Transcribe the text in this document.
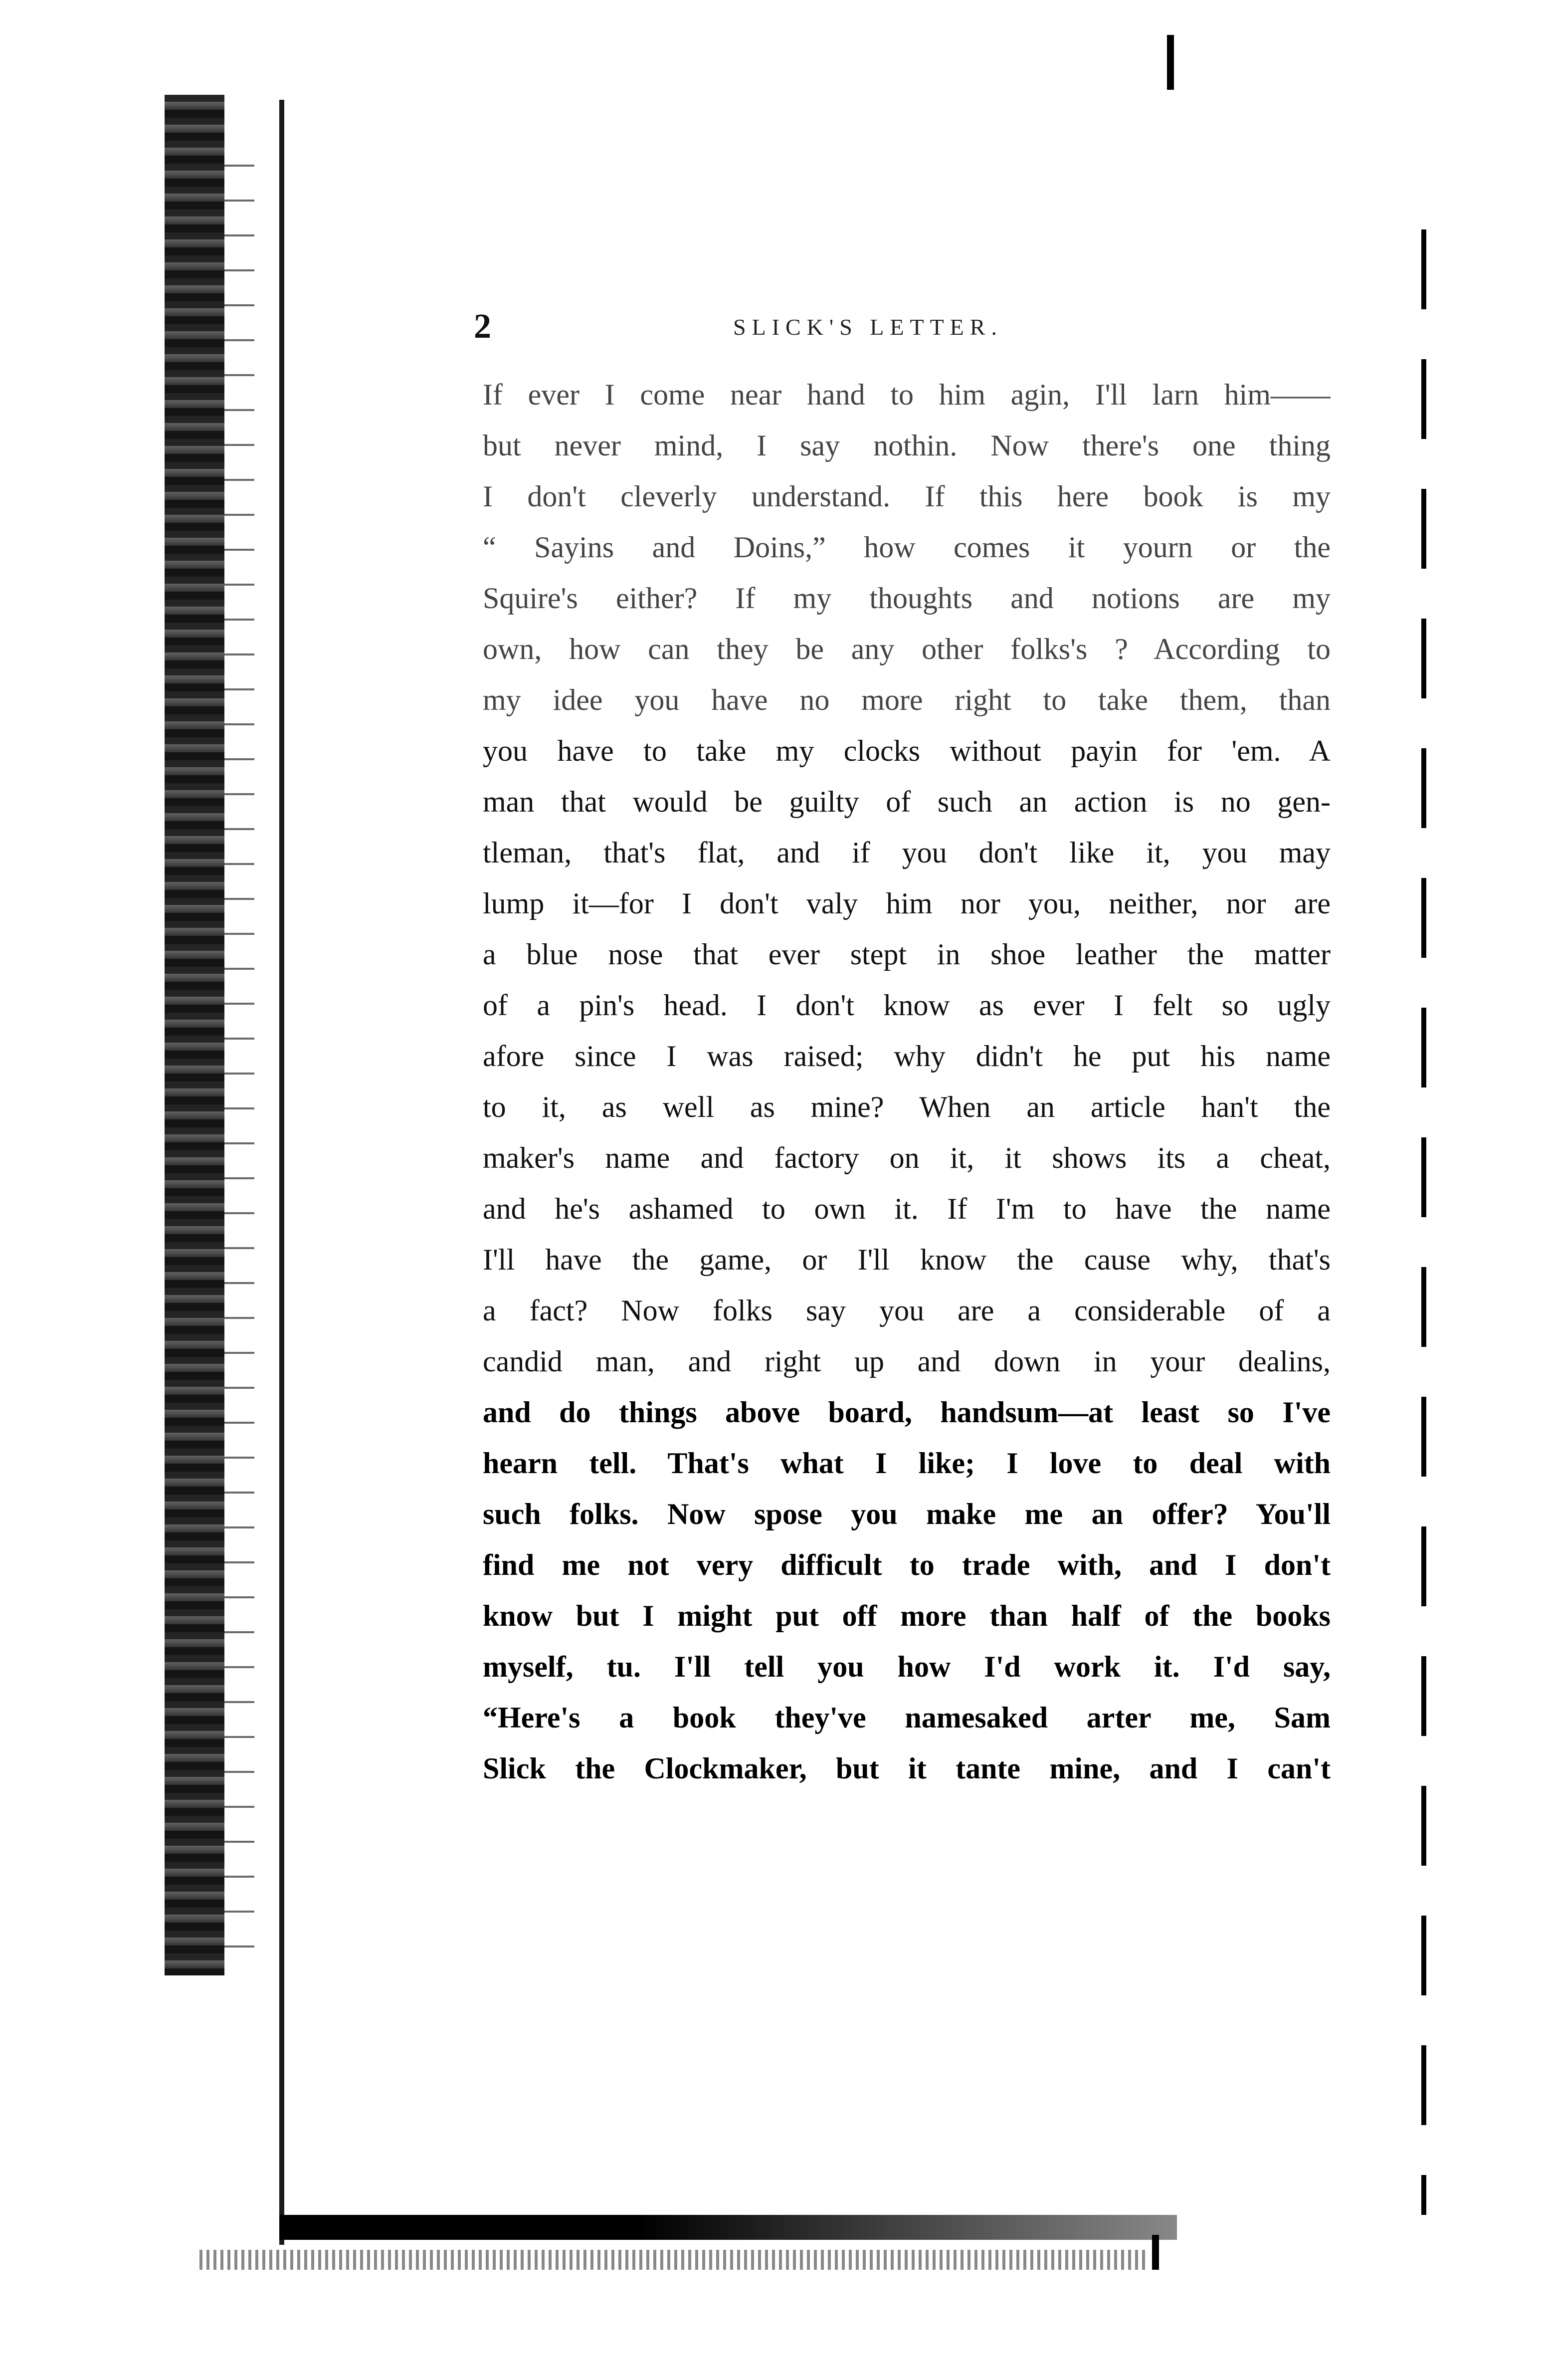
2	SLICK'S LETTER.
If ever I come near hand to him agin, I'll larn him——
but never mind, I say nothin. Now there's one thing
I don't cleverly understand. If this here book is my
“ Sayins and Doins,” how comes it yourn or the
Squire's either? If my thoughts and notions are my
own, how can they be any other folks's ? According to
my idee you have no more right to take them, than
you have to take my clocks without payin for 'em. A
man that would be guilty of such an action is no gen-
tleman, that's flat, and if you don't like it, you may
lump it—for I don't valy him nor you, neither, nor are
a blue nose that ever stept in shoe leather the matter
of a pin's head. I don't know as ever I felt so ugly
afore since I was raised; why didn't he put his name
to it, as well as mine? When an article han't the
maker's name and factory on it, it shows its a cheat,
and he's ashamed to own it. If I'm to have the name
I'll have the game, or I'll know the cause why, that's
a fact? Now folks say you are a considerable of a
candid man, and right up and down in your dealins,
and do things above board, handsum—at least so I've
hearn tell. That's what I like; I love to deal with
such folks. Now spose you make me an offer? You'll
find me not very difficult to trade with, and I don't
know but I might put off more than half of the books
myself, tu. I'll tell you how I'd work it. I'd say,
“Here's a book they've namesaked arter me, Sam
Slick the Clockmaker, but it tante mine, and I can't
